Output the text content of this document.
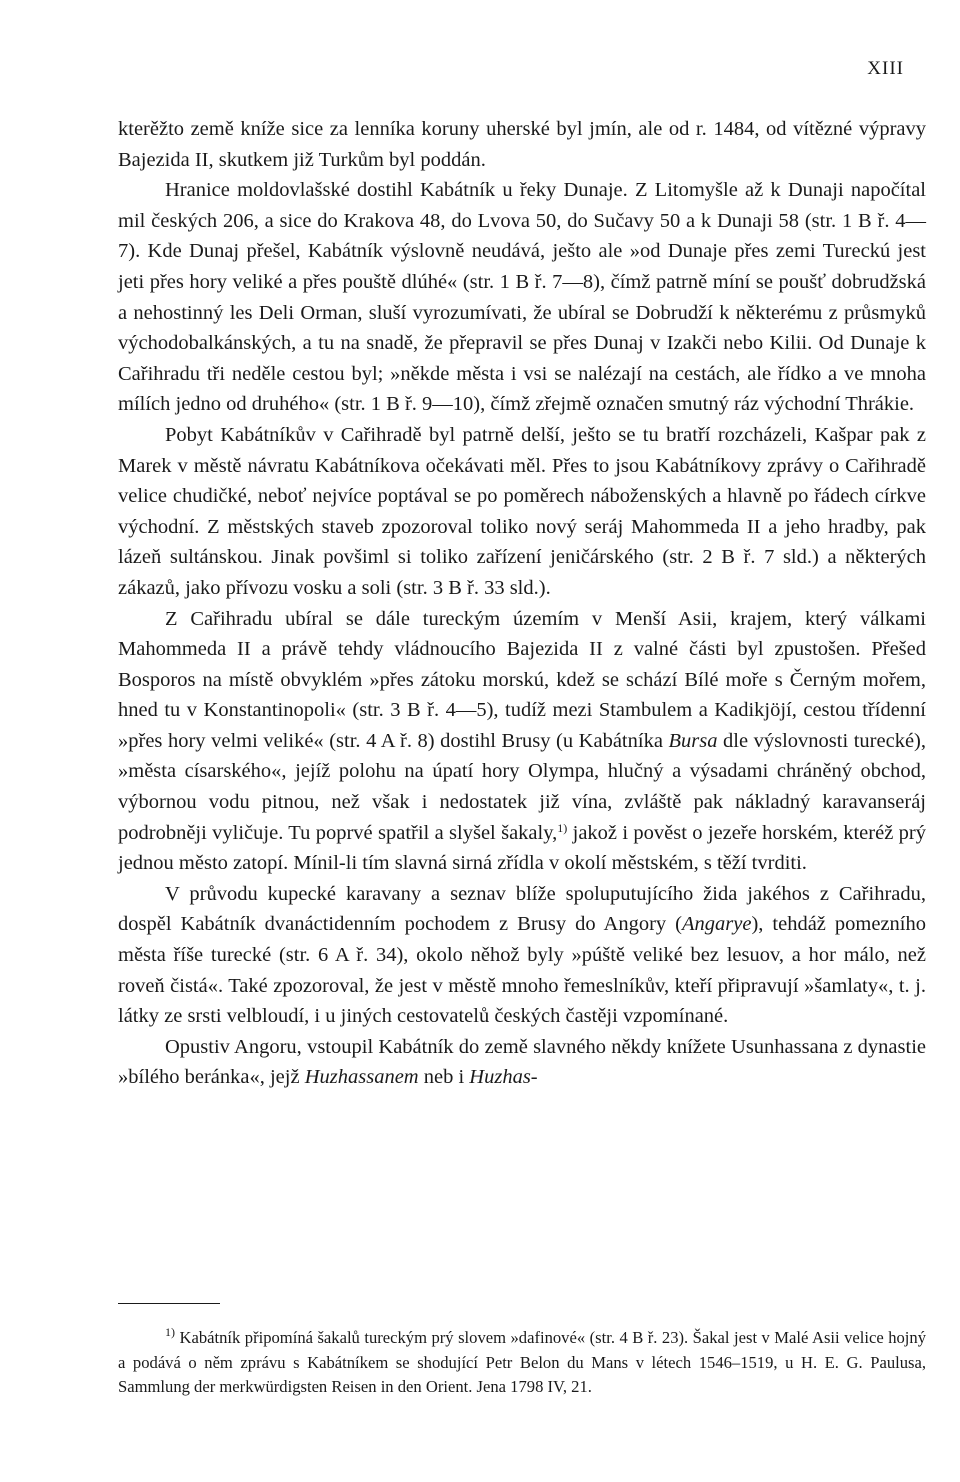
XIII

kterěžto země kníže sice za lenníka koruny uherské byl jmín, ale od r. 1484, od vítězné výpravy Bajezida II, skutkem již Turkům byl poddán.

Hranice moldovlašské dostihl Kabátník u řeky Dunaje. Z Litomyšle až k Dunaji napočítal mil českých 206, a sice do Krakova 48, do Lvova 50, do Sučavy 50 a k Dunaji 58 (str. 1 B ř. 4—7). Kde Dunaj přešel, Kabátník výslovně neudává, ješto ale »od Dunaje přes zemi Tureckú jest jeti přes hory veliké a přes pouště dlúhé« (str. 1 B ř. 7—8), čímž patrně míní se poušť dobrudžská a nehostinný les Deli Orman, sluší vyrozumívati, že ubíral se Dobrudží k některému z průsmyků východobalkánských, a tu na snadě, že přepravil se přes Dunaj v Izakči nebo Kilii. Od Dunaje k Cařihradu tři neděle cestou byl; »někde města i vsi se nalézají na cestách, ale řídko a ve mnoha mílích jedno od druhého« (str. 1 B ř. 9—10), čímž zřejmě označen smutný ráz východní Thrákie.

Pobyt Kabátníkův v Cařihradě byl patrně delší, ješto se tu bratří rozcházeli, Kašpar pak z Marek v městě návratu Kabátníkova očekávati měl. Přes to jsou Kabátníkovy zprávy o Cařihradě velice chudičké, neboť nejvíce poptával se po poměrech náboženských a hlavně po řádech církve východní. Z městských staveb zpozoroval toliko nový seráj Mahommeda II a jeho hradby, pak lázeň sultánskou. Jinak povšiml si toliko zařízení jeničárského (str. 2 B ř. 7 sld.) a některých zákazů, jako přívozu vosku a soli (str. 3 B ř. 33 sld.).

Z Cařihradu ubíral se dále tureckým územím v Menší Asii, krajem, který válkami Mahommeda II a právě tehdy vládnoucího Bajezida II z valné části byl zpustošen. Přešed Bosporos na místě obvyklém »přes zátoku morskú, kdež se schází Bílé moře s Černým mořem, hned tu v Konstantinopoli« (str. 3 B ř. 4—5), tudíž mezi Stambulem a Kadikjöjí, cestou třídenní »přes hory velmi veliké« (str. 4 A ř. 8) dostihl Brusy (u Kabátníka Bursa dle výslovnosti turecké), »města císarského«, jejíž polohu na úpatí hory Olympa, hlučný a výsadami chráněný obchod, výbornou vodu pitnou, než však i nedostatek již vína, zvláště pak nákladný karavanseráj podrobněji vyličuje. Tu poprvé spatřil a slyšel šakaly,$^{1)}$ jakož i pověst o jezeře horském, kteréž prý jednou město zatopí. Mínil-li tím slavná sirná zřídla v okolí městském, s těží tvrditi.

V průvodu kupecké karavany a seznav blíže spoluputujícího žida jakéhos z Cařihradu, dospěl Kabátník dvanáctidenním pochodem z Brusy do Angory (Angarye), tehdáž pomezního města říše turecké (str. 6 A ř. 34), okolo něhož byly »púště veliké bez lesuov, a hor málo, než roveň čistá«. Také zpozoroval, že jest v městě mnoho řemeslníkův, kteří připravují »šamlaty«, t. j. látky ze srsti velbloudí, i u jiných cestovatelů českých častěji vzpomínané.

Opustiv Angoru, vstoupil Kabátník do země slavného někdy knížete Usunhassana z dynastie »bílého beránka«, jejž Huzhassanem neb i Huzhas-

$^{1)}$ Kabátník připomíná šakalů tureckým prý slovem »dafinové« (str. 4 B ř. 23). Šakal jest v Malé Asii velice hojný a podává o něm zprávu s Kabátníkem se shodující Petr Belon du Mans v létech 1546–1519, u H. E. G. Paulusa, Sammlung der merkwürdigsten Reisen in den Orient. Jena 1798 IV, 21.
